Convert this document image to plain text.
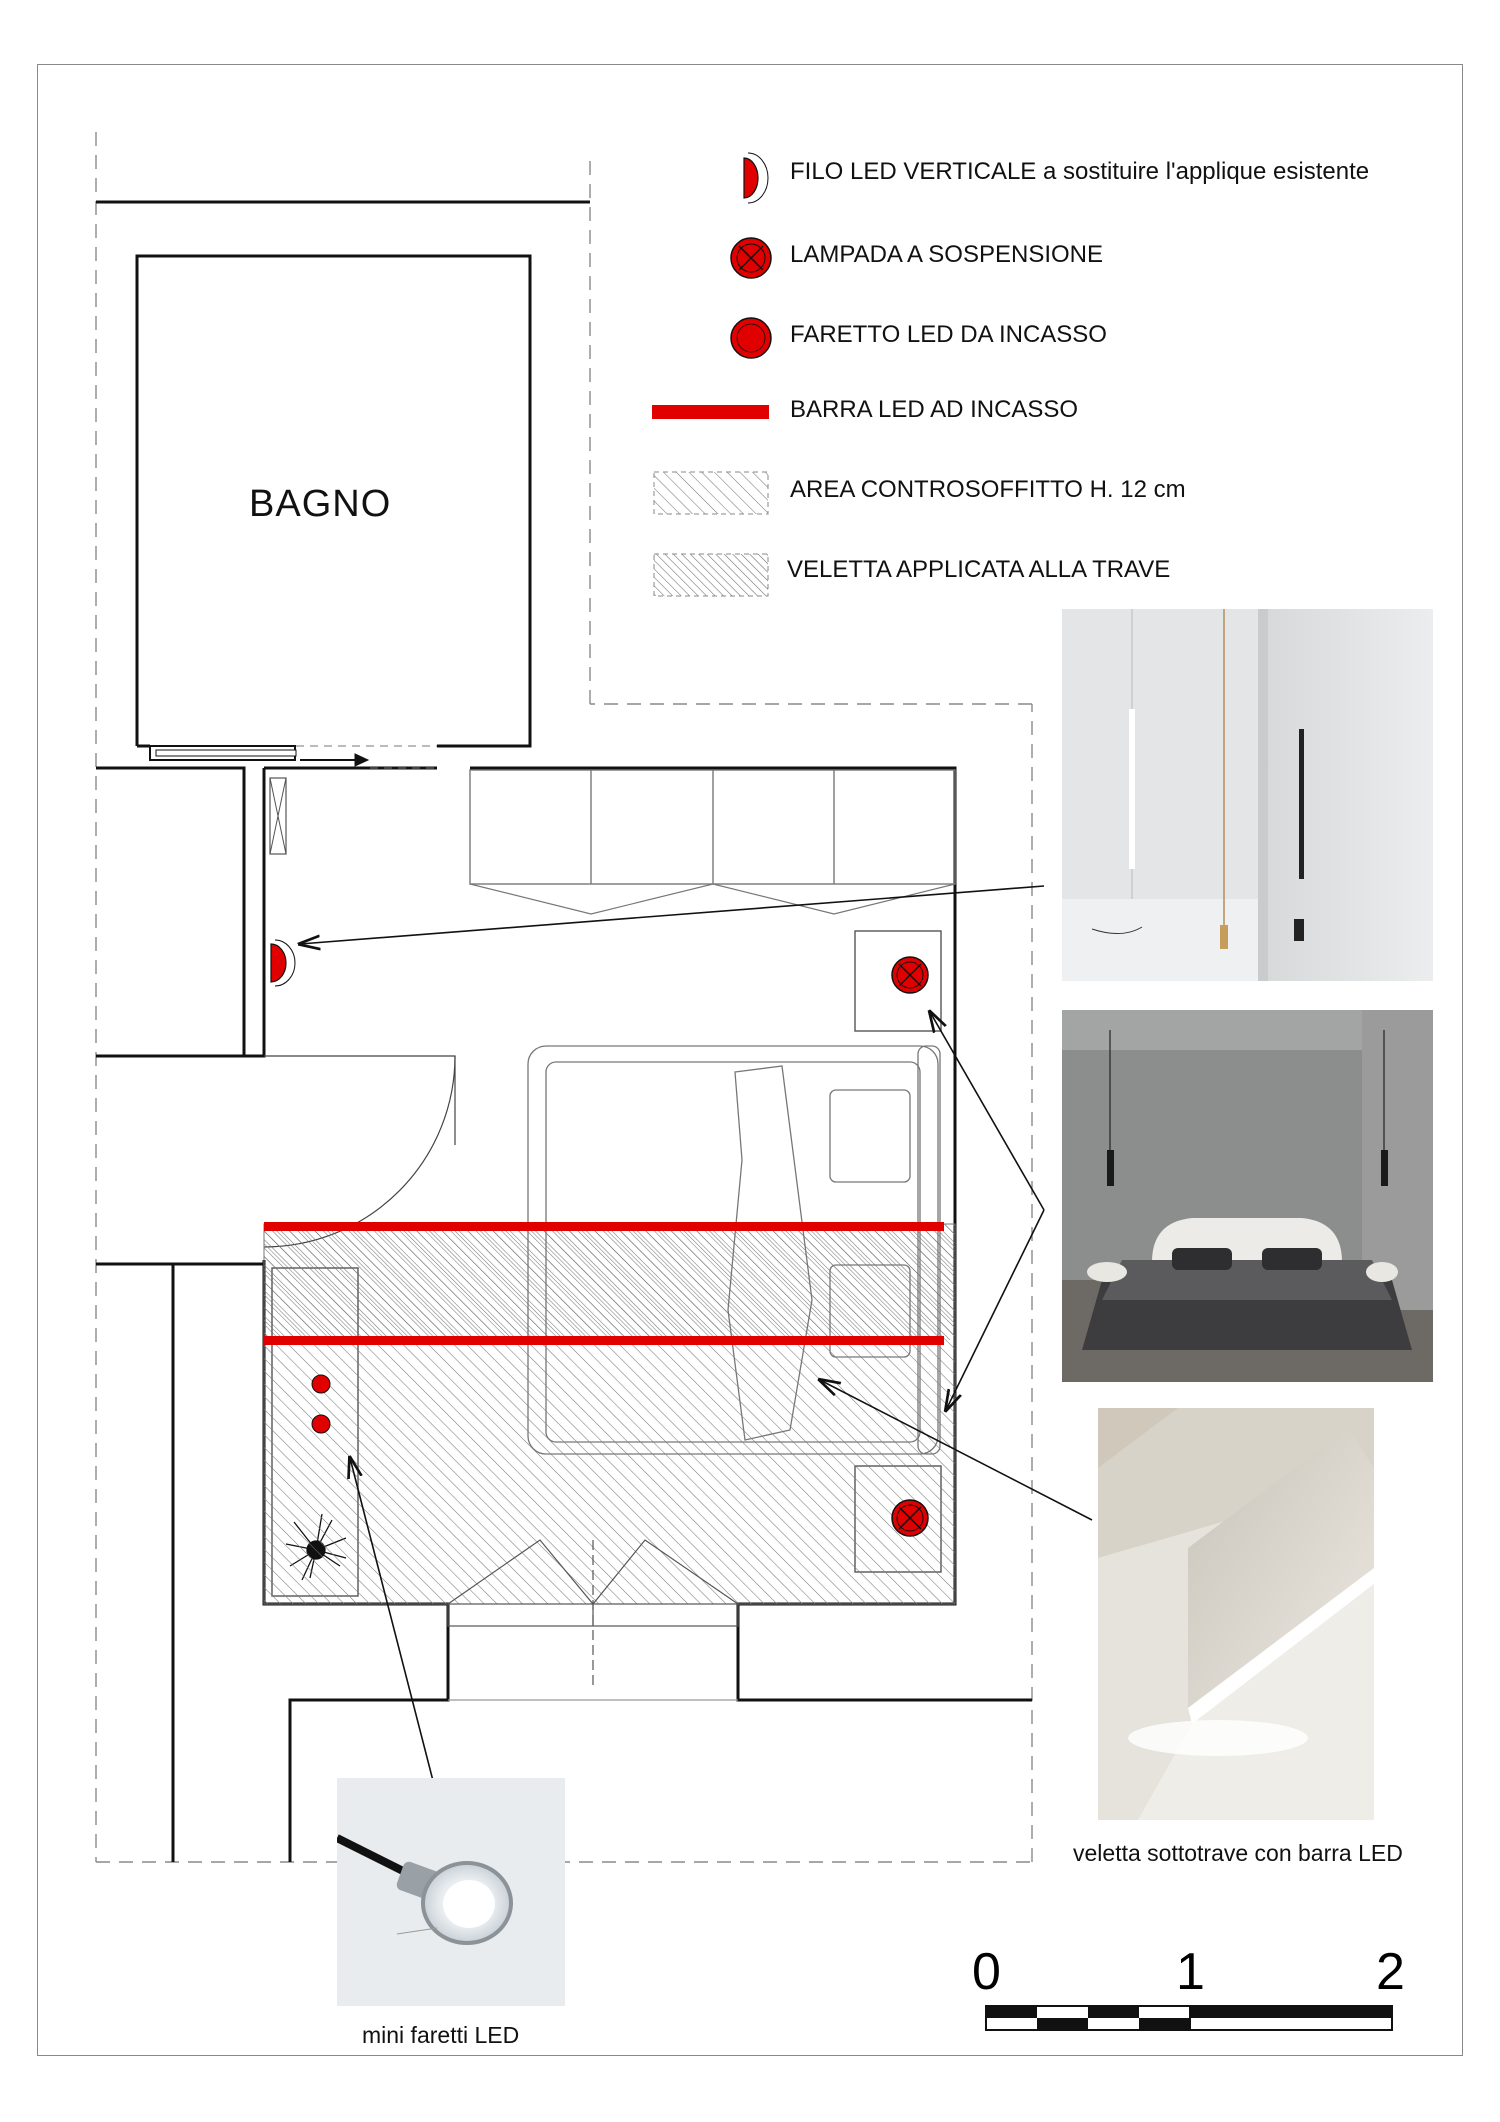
FILO LED VERTICALE a sostituire l'applique esistente
LAMPADA A SOSPENSIONE
FARETTO LED DA INCASSO
BARRA LED AD INCASSO
AREA CONTROSOFFITTO H. 12 cm
VELETTA APPLICATA ALLA TRAVE
BAGNO
veletta sottotrave con barra LED
mini faretti LED
0	1	2
